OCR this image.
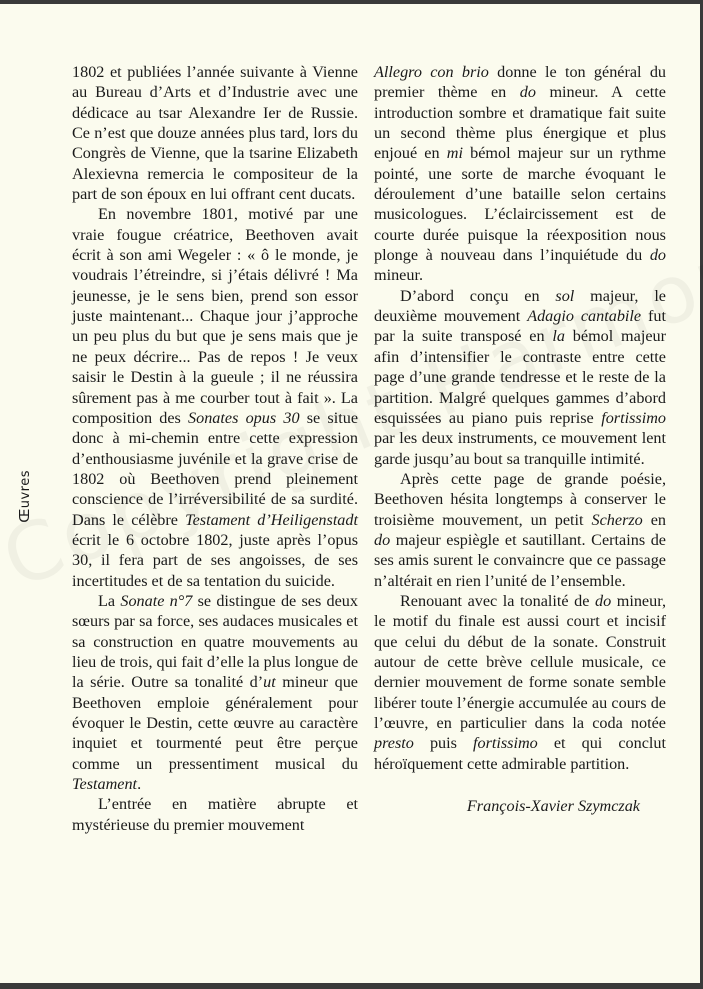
Œuvres

1802 et publiées l’année suivante à Vienne au Bureau d’Arts et d’Industrie avec une dédicace au tsar Alexandre Ier de Russie. Ce n’est que douze années plus tard, lors du Congrès de Vienne, que la tsarine Elizabeth Alexievna remercia le compositeur de la part de son époux en lui offrant cent ducats.

En novembre 1801, motivé par une vraie fougue créatrice, Beethoven avait écrit à son ami Wegeler : « ô le monde, je voudrais l’étreindre, si j’étais délivré ! Ma jeunesse, je le sens bien, prend son essor juste maintenant... Chaque jour j’approche un peu plus du but que je sens mais que je ne peux décrire... Pas de repos ! Je veux saisir le Destin à la gueule ; il ne réussira sûrement pas à me courber tout à fait ». La composition des Sonates opus 30 se situe donc à mi-chemin entre cette expression d’enthousiasme juvénile et la grave crise de 1802 où Beethoven prend pleinement conscience de l’irréversibilité de sa surdité. Dans le célèbre Testament d’Heiligenstadt écrit le 6 octobre 1802, juste après l’opus 30, il fera part de ses angoisses, de ses incertitudes et de sa tentation du suicide.

La Sonate n°7 se distingue de ses deux sœurs par sa force, ses audaces musicales et sa construction en quatre mouvements au lieu de trois, qui fait d’elle la plus longue de la série. Outre sa tonalité d’ut mineur que Beethoven emploie généralement pour évoquer le Destin, cette œuvre au caractère inquiet et tourmenté peut être perçue comme un pressentiment musical du Testament.

L’entrée en matière abrupte et mystérieuse du premier mouvement

Allegro con brio donne le ton général du premier thème en do mineur. A cette introduction sombre et dramatique fait suite un second thème plus énergique et plus enjoué en mi bémol majeur sur un rythme pointé, une sorte de marche évoquant le déroulement d’une bataille selon certains musicologues. L’éclaircissement est de courte durée puisque la réexposition nous plonge à nouveau dans l’inquiétude du do mineur.

D’abord conçu en sol majeur, le deuxième mouvement Adagio cantabile fut par la suite transposé en la bémol majeur afin d’intensifier le contraste entre cette page d’une grande tendresse et le reste de la partition. Malgré quelques gammes d’abord esquissées au piano puis reprise fortissimo par les deux instruments, ce mouvement lent garde jusqu’au bout sa tranquille intimité.

Après cette page de grande poésie, Beethoven hésita longtemps à conserver le troisième mouvement, un petit Scherzo en do majeur espiègle et sautillant. Certains de ses amis surent le convaincre que ce passage n’altérait en rien l’unité de l’ensemble.

Renouant avec la tonalité de do mineur, le motif du finale est aussi court et incisif que celui du début de la sonate. Construit autour de cette brève cellule musicale, ce dernier mouvement de forme sonate semble libérer toute l’énergie accumulée au cours de l’œuvre, en particulier dans la coda notée presto puis fortissimo et qui conclut héroïquement cette admirable partition.

François-Xavier Szymczak
